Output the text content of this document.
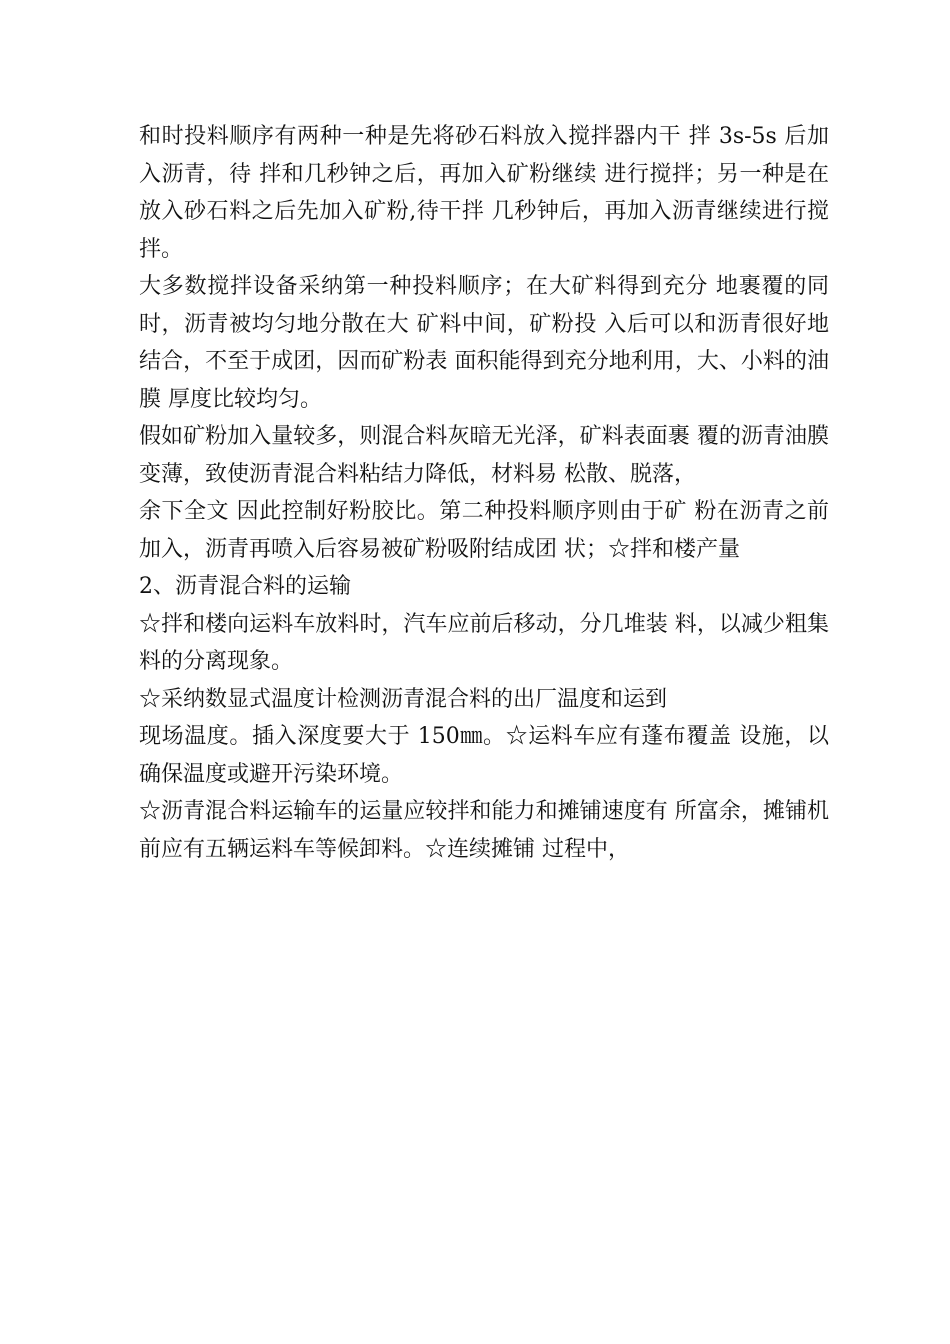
和时投料顺序有两种一种是先将砂石料放入搅拌器内干 拌 3s-5s 后加入沥青，待 拌和几秒钟之后，再加入矿粉继续 进行搅拌；另一种是在放入砂石料之后先加入矿粉,待干拌 几秒钟后，再加入沥青继续进行搅拌。

大多数搅拌设备采纳第一种投料顺序；在大矿料得到充分 地裹覆的同时，沥青被均匀地分散在大 矿料中间，矿粉投 入后可以和沥青很好地结合，不至于成团，因而矿粉表 面积能得到充分地利用，大、小料的油膜 厚度比较均匀。

假如矿粉加入量较多，则混合料灰暗无光泽，矿料表面裹 覆的沥青油膜变薄，致使沥青混合料粘结力降低，材料易 松散、脱落，

余下全文 因此控制好粉胶比。第二种投料顺序则由于矿 粉在沥青之前加入，沥青再喷入后容易被矿粉吸附结成团 状；☆拌和楼产量

2、沥青混合料的运输

☆拌和楼向运料车放料时，汽车应前后移动，分几堆装 料，以减少粗集料的分离现象。

☆采纳数显式温度计检测沥青混合料的出厂温度和运到

现场温度。插入深度要大于 150㎜。☆运料车应有蓬布覆盖 设施，以确保温度或避开污染环境。

☆沥青混合料运输车的运量应较拌和能力和摊铺速度有 所富余，摊铺机前应有五辆运料车等候卸料。☆连续摊铺 过程中，
